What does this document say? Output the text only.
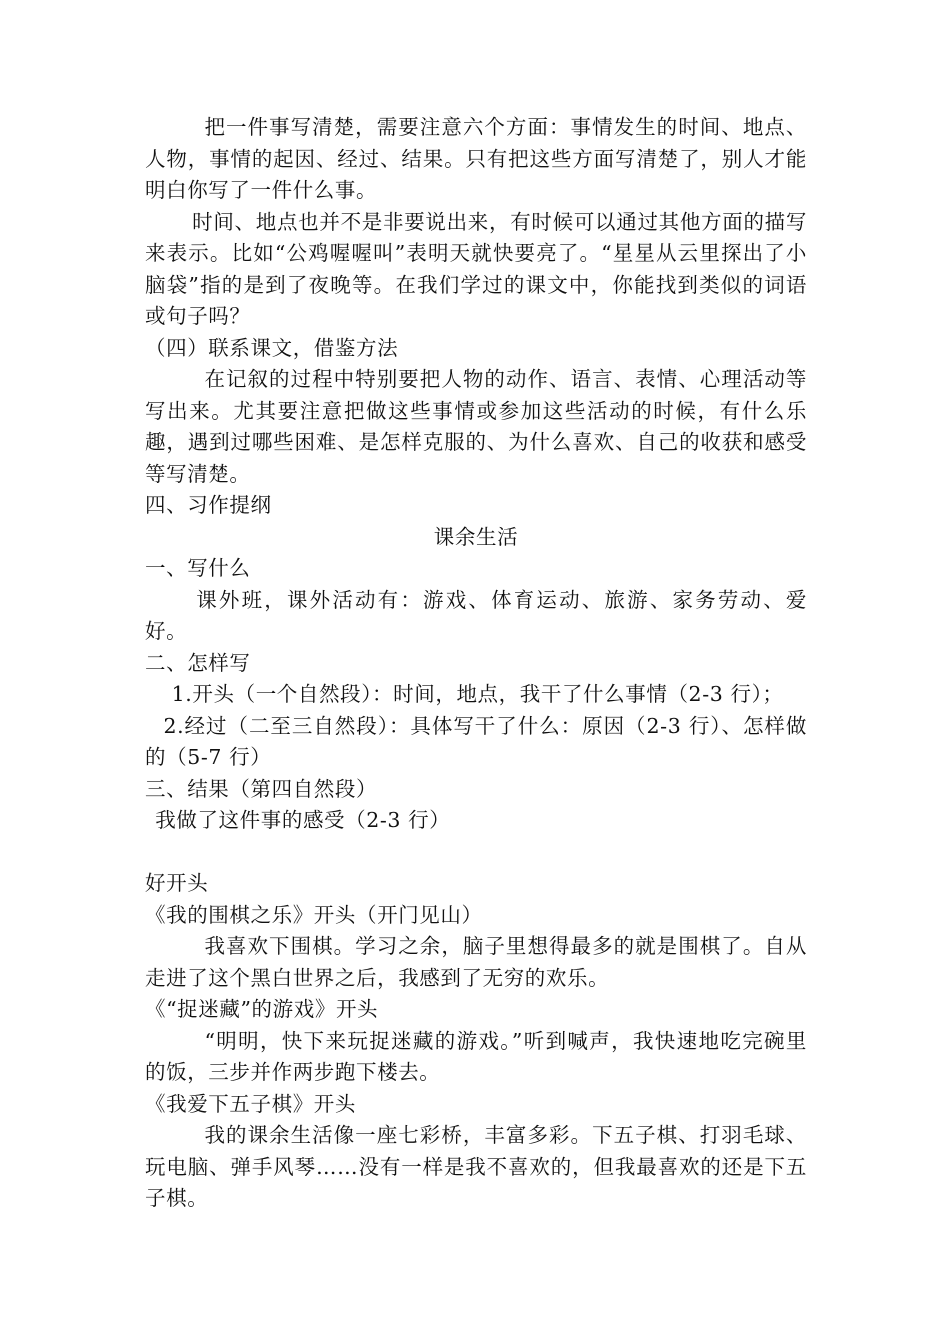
把一件事写清楚，需要注意六个方面：事情发生的时间、地点、人物，事情的起因、经过、结果。只有把这些方面写清楚了，别人才能明白你写了一件什么事。

时间、地点也并不是非要说出来，有时候可以通过其他方面的描写来表示。比如“公鸡喔喔叫”表明天就快要亮了。“星星从云里探出了小脑袋”指的是到了夜晚等。在我们学过的课文中，你能找到类似的词语或句子吗？

（四）联系课文，借鉴方法

在记叙的过程中特别要把人物的动作、语言、表情、心理活动等写出来。尤其要注意把做这些事情或参加这些活动的时候，有什么乐趣，遇到过哪些困难、是怎样克服的、为什么喜欢、自己的收获和感受等写清楚。

四、习作提纲

课余生活

一、写什么

课外班，课外活动有：游戏、体育运动、旅游、家务劳动、爱好。

二、怎样写

1.开头（一个自然段）：时间，地点，我干了什么事情（2-3 行）；

2.经过（二至三自然段）：具体写干了什么：原因（2-3 行）、怎样做的（5-7 行）

三、结果（第四自然段）

我做了这件事的感受（2-3 行）

好开头

《我的围棋之乐》开头（开门见山）

我喜欢下围棋。学习之余，脑子里想得最多的就是围棋了。自从走进了这个黑白世界之后，我感到了无穷的欢乐。

《“捉迷藏”的游戏》开头

“明明，快下来玩捉迷藏的游戏。”听到喊声，我快速地吃完碗里的饭，三步并作两步跑下楼去。

《我爱下五子棋》开头

我的课余生活像一座七彩桥，丰富多彩。下五子棋、打羽毛球、玩电脑、弹手风琴……没有一样是我不喜欢的，但我最喜欢的还是下五子棋。
